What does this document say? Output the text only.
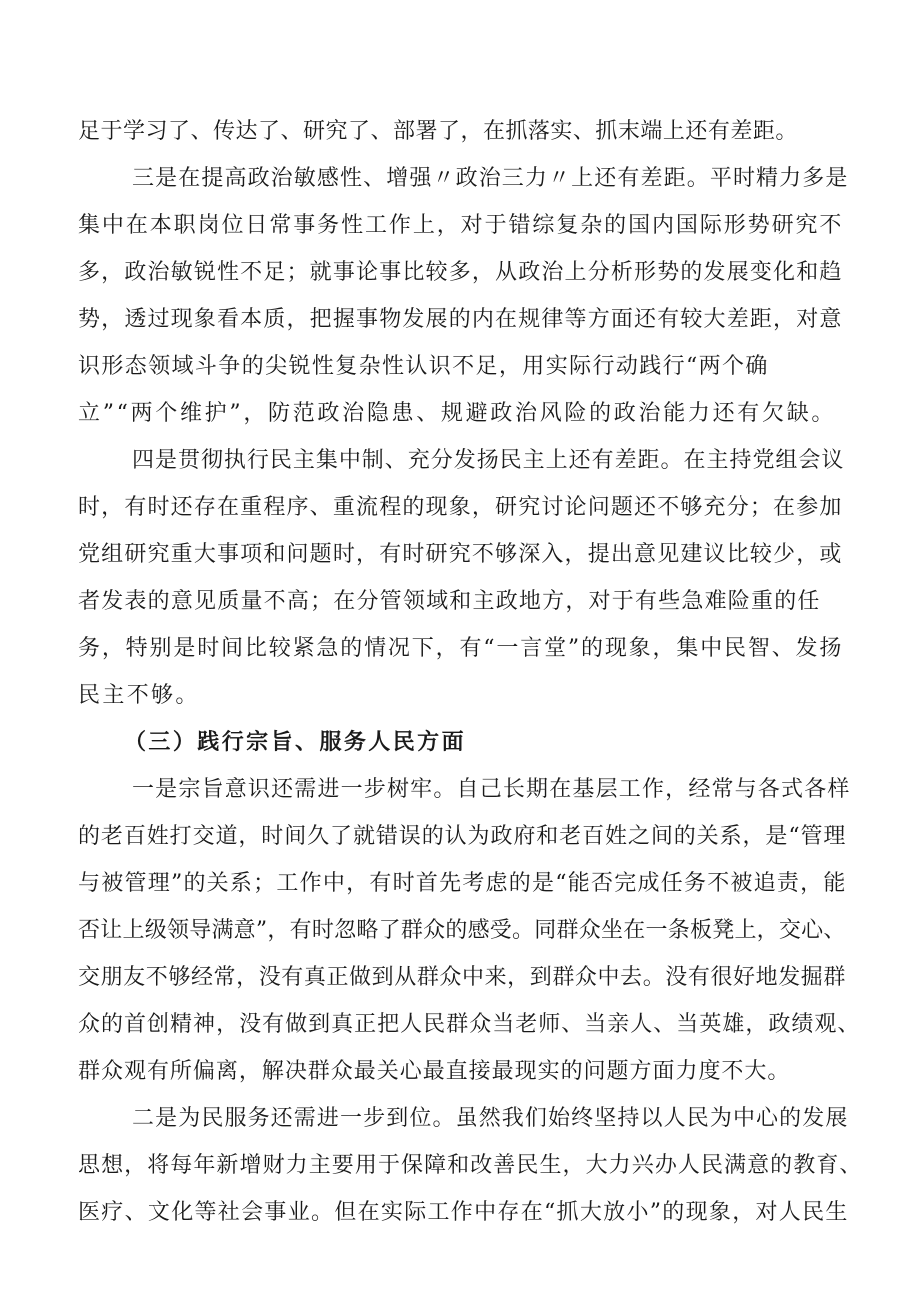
足于学习了、传达了、研究了、部署了，在抓落实、抓末端上还有差距。
三是在提高政治敏感性、增强〃政治三力〃上还有差距。平时精力多是
集中在本职岗位日常事务性工作上，对于错综复杂的国内国际形势研究不
多，政治敏锐性不足；就事论事比较多，从政治上分析形势的发展变化和趋
势，透过现象看本质，把握事物发展的内在规律等方面还有较大差距，对意
识形态领域斗争的尖锐性复杂性认识不足，用实际行动践行“两个确
立”“两个维护”，防范政治隐患、规避政治风险的政治能力还有欠缺。
四是贯彻执行民主集中制、充分发扬民主上还有差距。在主持党组会议
时，有时还存在重程序、重流程的现象，研究讨论问题还不够充分；在参加
党组研究重大事项和问题时，有时研究不够深入，提出意见建议比较少，或
者发表的意见质量不高；在分管领域和主政地方，对于有些急难险重的任
务，特别是时间比较紧急的情况下，有“一言堂”的现象，集中民智、发扬
民主不够。
（三）践行宗旨、服务人民方面
一是宗旨意识还需进一步树牢。自己长期在基层工作，经常与各式各样
的老百姓打交道，时间久了就错误的认为政府和老百姓之间的关系，是“管理
与被管理”的关系；工作中，有时首先考虑的是“能否完成任务不被追责，能
否让上级领导满意”，有时忽略了群众的感受。同群众坐在一条板凳上，交心、
交朋友不够经常，没有真正做到从群众中来，到群众中去。没有很好地发掘群
众的首创精神，没有做到真正把人民群众当老师、当亲人、当英雄，政绩观、
群众观有所偏离，解决群众最关心最直接最现实的问题方面力度不大。
二是为民服务还需进一步到位。虽然我们始终坚持以人民为中心的发展
思想，将每年新增财力主要用于保障和改善民生，大力兴办人民满意的教育、
医疗、文化等社会事业。但在实际工作中存在“抓大放小”的现象，对人民生
